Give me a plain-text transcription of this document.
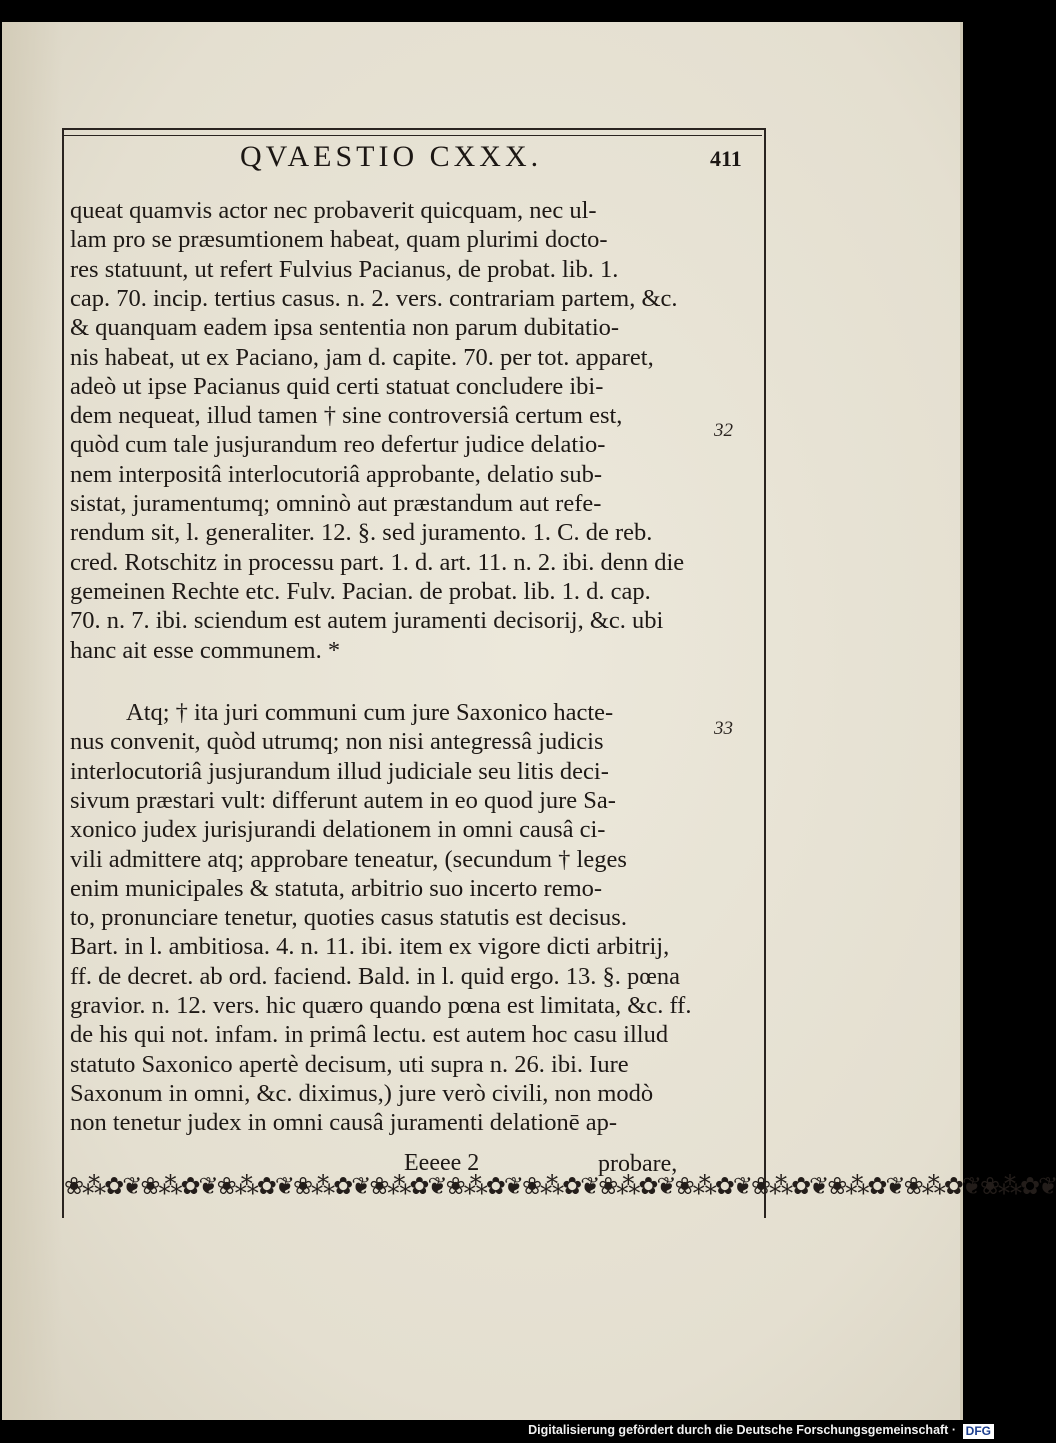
QVAESTIO CXXX.	411
queat quamvis actor nec probaverit quicquam, nec ul-
lam pro se præsumtionem habeat, quam plurimi docto-
res statuunt, ut refert Fulvius Pacianus, de probat. lib. 1.
cap. 70. incip. tertius casus. n. 2. vers. contrariam partem, &c.
& quanquam eadem ipsa sententia non parum dubitatio-
nis habeat, ut ex Paciano, jam d. capite. 70. per tot. apparet,
adeò ut ipse Pacianus quid certi statuat concludere ibi-
dem nequeat, illud tamen † sine controversiâ certum est,
quòd cum tale jusjurandum reo defertur judice delatio-
nem interpositâ interlocutoriâ approbante, delatio sub-
sistat, juramentumq; omninò aut præstandum aut refe-
rendum sit, l. generaliter. 12. §. sed juramento. 1. C. de reb.
cred. Rotschitz in processu part. 1. d. art. 11. n. 2. ibi. denn die
gemeinen Rechte etc. Fulv. Pacian. de probat. lib. 1. d. cap.
70. n. 7. ibi. sciendum est autem juramenti decisorij, &c. ubi
hanc ait esse communem. *
Atq; † ita juri communi cum jure Saxonico hacte-
nus convenit, quòd utrumq; non nisi antegressâ judicis
interlocutoriâ jusjurandum illud judiciale seu litis deci-
sivum præstari vult: differunt autem in eo quod jure Sa-
xonico judex jurisjurandi delationem in omni causâ ci-
vili admittere atq; approbare teneatur, (secundum † leges
enim municipales & statuta, arbitrio suo incerto remo-
to, pronunciare tenetur, quoties casus statutis est decisus.
Bart. in l. ambitiosa. 4. n. 11. ibi. item ex vigore dicti arbitrij,
ff. de decret. ab ord. faciend. Bald. in l. quid ergo. 13. §. pœna
gravior. n. 12. vers. hic quæro quando pœna est limitata, &c. ff.
de his qui not. infam. in primâ lectu. est autem hoc casu illud
statuto Saxonico apertè decisum, uti supra n. 26. ibi. Iure
Saxonum in omni, &c. diximus,) jure verò civili, non modò
non tenetur judex in omni causâ juramenti delationē ap-
32
33
Eeeee 2	probare,
❀⁂✿❦❀⁂✿❦❀⁂✿❦❀⁂✿❦❀⁂✿❦❀⁂✿❦❀⁂✿❦❀⁂✿❦❀⁂✿❦❀⁂✿❦❀⁂✿❦❀⁂✿❦❀⁂✿❦
Digitalisierung gefördert durch die Deutsche Forschungsgemeinschaft · DFG
